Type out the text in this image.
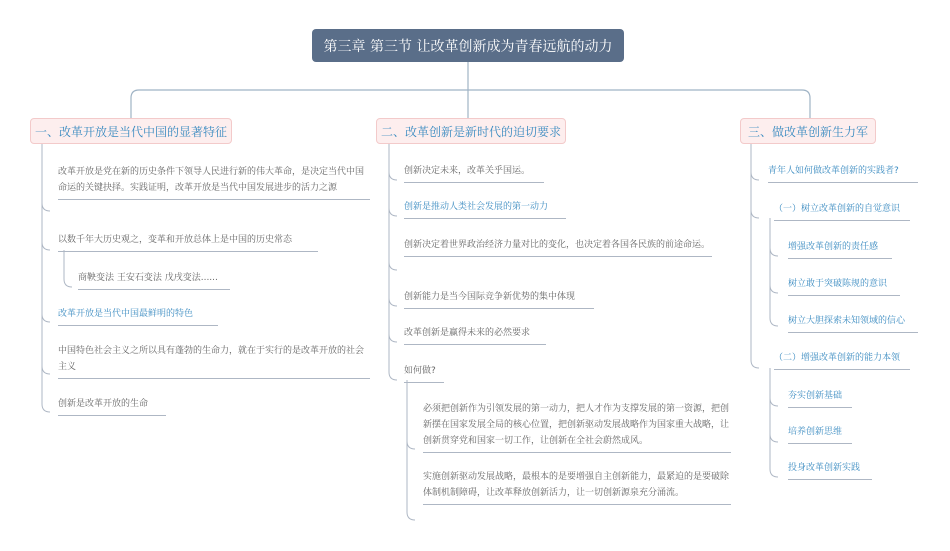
第三章 第三节 让改革创新成为青春远航的动力
一、改革开放是当代中国的显著特征
改革开放是党在新的历史条件下领导人民进行新的伟大革命，是决定当代中国命运的关键抉择。实践证明，改革开放是当代中国发展进步的活力之源
以数千年大历史观之，变革和开放总体上是中国的历史常态
商鞅变法 王安石变法 戊戌变法......
改革开放是当代中国最鲜明的特色
中国特色社会主义之所以具有蓬勃的生命力，就在于实行的是改革开放的社会主义
创新是改革开放的生命
二、改革创新是新时代的迫切要求
创新决定未来，改革关乎国运。
创新是推动人类社会发展的第一动力
创新决定着世界政治经济力量对比的变化，也决定着各国各民族的前途命运。
创新能力是当今国际竞争新优势的集中体现
改革创新是赢得未来的必然要求
如何做?
必须把创新作为引领发展的第一动力，把人才作为支撑发展的第一资源，把创新摆在国家发展全局的核心位置，把创新驱动发展战略作为国家重大战略，让创新贯穿党和国家一切工作，让创新在全社会蔚然成风。
实施创新驱动发展战略，最根本的是要增强自主创新能力，最紧迫的是要破除体制机制障碍，让改革释放创新活力，让一切创新源泉充分涌流。
三、做改革创新生力军
青年人如何做改革创新的实践者?
（一）树立改革创新的自觉意识
增强改革创新的责任感
树立敢于突破陈规的意识
树立大胆探索未知领域的信心
（二）增强改革创新的能力本领
夯实创新基础
培养创新思维
投身改革创新实践
